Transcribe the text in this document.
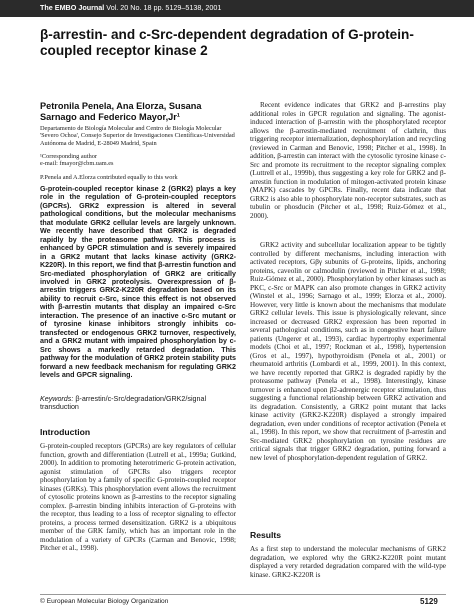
The EMBO Journal Vol. 20 No. 18 pp. 5129–5138, 2001
β-arrestin- and c-Src-dependent degradation of G-protein-coupled receptor kinase 2
Petronila Penela, Ana Elorza, Susana Sarnago and Federico Mayor,Jr¹
Departamento de Biología Molecular and Centro de Biología Molecular 'Severo Ochoa', Consejo Superior de Investigaciones Científicas-Universidad Autónoma de Madrid, E-28049 Madrid, Spain
¹Corresponding author
e-mail: fmayor@cbm.uam.es
P.Penela and A.Elorza contributed equally to this work

G-protein-coupled receptor kinase 2 (GRK2) plays a key role in the regulation of G-protein-coupled receptors (GPCRs). GRK2 expression is altered in several pathological conditions, but the molecular mechanisms that modulate GRK2 cellular levels are largely unknown. We recently have described that GRK2 is degraded rapidly by the proteasome pathway. This process is enhanced by GPCR stimulation and is severely impaired in a GRK2 mutant that lacks kinase activity (GRK2-K220R). In this report, we find that β-arrestin function and Src-mediated phosphorylation of GRK2 are critically involved in GRK2 proteolysis. Overexpression of β-arrestin triggers GRK2-K220R degradation based on its ability to recruit c-Src, since this effect is not observed with β-arrestin mutants that display an impaired c-Src interaction. The presence of an inactive c-Src mutant or of tyrosine kinase inhibitors strongly inhibits co-transfected or endogenous GRK2 turnover, respectively, and a GRK2 mutant with impaired phosphorylation by c-Src shows a markedly retarded degradation. This pathway for the modulation of GRK2 protein stability puts forward a new feedback mechanism for regulating GRK2 levels and GPCR signaling.

Keywords: β-arrestin/c-Src/degradation/GRK2/signal transduction

Introduction

G-protein-coupled receptors (GPCRs) are key regulators of cellular function, growth and differentiation (Lutrell et al., 1999a; Gutkind, 2000). In addition to promoting heterotrimeric G-protein activation, agonist stimulation of GPCRs also triggers receptor phosphorylation by a family of specific G-protein-coupled receptor kinases (GRKs). This phosphorylation event allows the recruitment of cytosolic proteins known as β-arrestins to the receptor signaling complex. β-arrestin binding inhibits interaction of G-proteins with the receptor, thus leading to a loss of receptor signaling to effector proteins, a process termed desensitization. GRK2 is a ubiquitous member of the GRK family, which has an important role in the modulation of a variety of GPCRs (Carman and Benovic, 1998; Pitcher et al., 1998).

Recent evidence indicates that GRK2 and β-arrestins play additional roles in GPCR regulation and signaling. The agonist-induced interaction of β-arrestin with the phosphorylated receptor allows the β-arrestin-mediated recruitment of clathrin, thus triggering receptor internalization, dephosphorylation and recycling (reviewed in Carman and Benovic, 1998; Pitcher et al., 1998). In addition, β-arrestin can interact with the cytosolic tyrosine kinase c-Src and promote its recruitment to the receptor signaling complex (Luttrell et al., 1999b), thus suggesting a key role for GRK2 and β-arrestin function in modulation of mitogen-activated protein kinase (MAPK) cascades by GPCRs. Finally, recent data indicate that GRK2 is also able to phosphorylate non-receptor substrates, such as tubulin or phosducin (Pitcher et al., 1998; Ruiz-Gómez et al., 2000).

GRK2 activity and subcellular localization appear to be tightly controlled by different mechanisms, including interaction with activated receptors, Gβγ subunits of G-proteins, lipids, anchoring proteins, caveolin or calmodulin (reviewed in Pitcher et al., 1998; Ruiz-Gómez et al., 2000). Phosphorylation by other kinases such as PKC, c-Src or MAPK can also promote changes in GRK2 activity (Winstel et al., 1996; Sarnago et al., 1999; Elorza et al., 2000). However, very little is known about the mechanisms that modulate GRK2 cellular levels. This issue is physiologically relevant, since increased or decreased GRK2 expression has been reported in several pathological conditions, such as in congestive heart failure patients (Ungerer et al., 1993), cardiac hypertrophy experimental models (Choi et al., 1997; Rockman et al., 1998), hypertension (Gros et al., 1997), hypothyroidism (Penela et al., 2001) or rheumatoid arthritis (Lombardi et al., 1999, 2001). In this context, we have recently reported that GRK2 is degraded rapidly by the proteasome pathway (Penela et al., 1998). Interestingly, kinase turnover is enhanced upon β2-adrenergic receptor stimulation, thus suggesting a functional relationship between GRK2 activation and its degradation. Consistently, a GRK2 point mutant that lacks kinase activity (GRK2-K220R) displayed a strongly impaired degradation, even under conditions of receptor activation (Penela et al., 1998). In this report, we show that recruitment of β-arrestin and Src-mediated GRK2 phosphorylation on tyrosine residues are critical signals that trigger GRK2 degradation, putting forward a new level of phosphorylation-dependent regulation of GRK2.

Results

As a first step to understand the molecular mechanisms of GRK2 degradation, we explored why the GRK2-K220R point mutant displayed a very retarded degradation compared with the wild-type kinase. GRK2-K220R is

© European Molecular Biology Organization	5129
